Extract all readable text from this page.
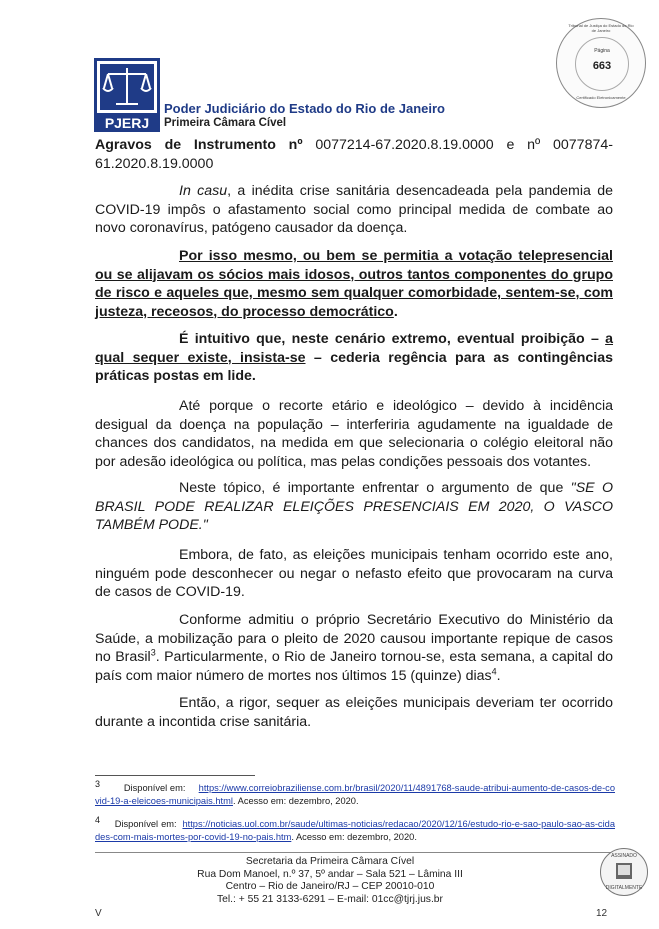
Tribunal de Justiça do Estado do Rio de Janeiro
Página
663
Certificado Eletronicamente
PJERJ
Poder Judiciário do Estado do Rio de Janeiro
Primeira Câmara Cível
Agravos de Instrumento nº 0077214-67.2020.8.19.0000 e nº 0077874-61.2020.8.19.0000
In casu, a inédita crise sanitária desencadeada pela pandemia de COVID-19 impôs o afastamento social como principal medida de combate ao novo coronavírus, patógeno causador da doença.
Por isso mesmo, ou bem se permitia a votação telepresencial ou se alijavam os sócios mais idosos, outros tantos componentes do grupo de risco e aqueles que, mesmo sem qualquer comorbidade, sentem-se, com justeza, receosos, do processo democrático.
É intuitivo que, neste cenário extremo, eventual proibição – a qual sequer existe, insista-se – cederia regência para as contingências práticas postas em lide.
Até porque o recorte etário e ideológico – devido à incidência desigual da doença na população – interferiria agudamente na igualdade de chances dos candidatos, na medida em que selecionaria o colégio eleitoral não por adesão ideológica ou política, mas pelas condições pessoais dos votantes.
Neste tópico, é importante enfrentar o argumento de que "SE O BRASIL PODE REALIZAR ELEIÇÕES PRESENCIAIS EM 2020, O VASCO TAMBÉM PODE."
Embora, de fato, as eleições municipais tenham ocorrido este ano, ninguém pode desconhecer ou negar o nefasto efeito que provocaram na curva de casos de COVID-19.
Conforme admitiu o próprio Secretário Executivo do Ministério da Saúde, a mobilização para o pleito de 2020 causou importante repique de casos no Brasil$^3$. Particularmente, o Rio de Janeiro tornou-se, esta semana, a capital do país com maior número de mortes nos últimos 15 (quinze) dias$^4$.
Então, a rigor, sequer as eleições municipais deveriam ter ocorrido durante a incontida crise sanitária.
$^3$	Disponível em: https://www.correiobraziliense.com.br/brasil/2020/11/4891768-saude-atribui-aumento-de-casos-de-covid-19-a-eleicoes-municipais.html. Acesso em: dezembro, 2020.
$^4$ Disponível em: https://noticias.uol.com.br/saude/ultimas-noticias/redacao/2020/12/16/estudo-rio-e-sao-paulo-sao-as-cidades-com-mais-mortes-por-covid-19-no-pais.htm. Acesso em: dezembro, 2020.
Secretaria da Primeira Câmara Cível
Rua Dom Manoel, n.º 37, 5º andar – Sala 521 – Lâmina III
Centro – Rio de Janeiro/RJ – CEP 20010-010
Tel.: + 55 21 3133-6291 – E-mail: 01cc@tjrj.jus.br
ASSINADO
DIGITALMENTE
V	12
